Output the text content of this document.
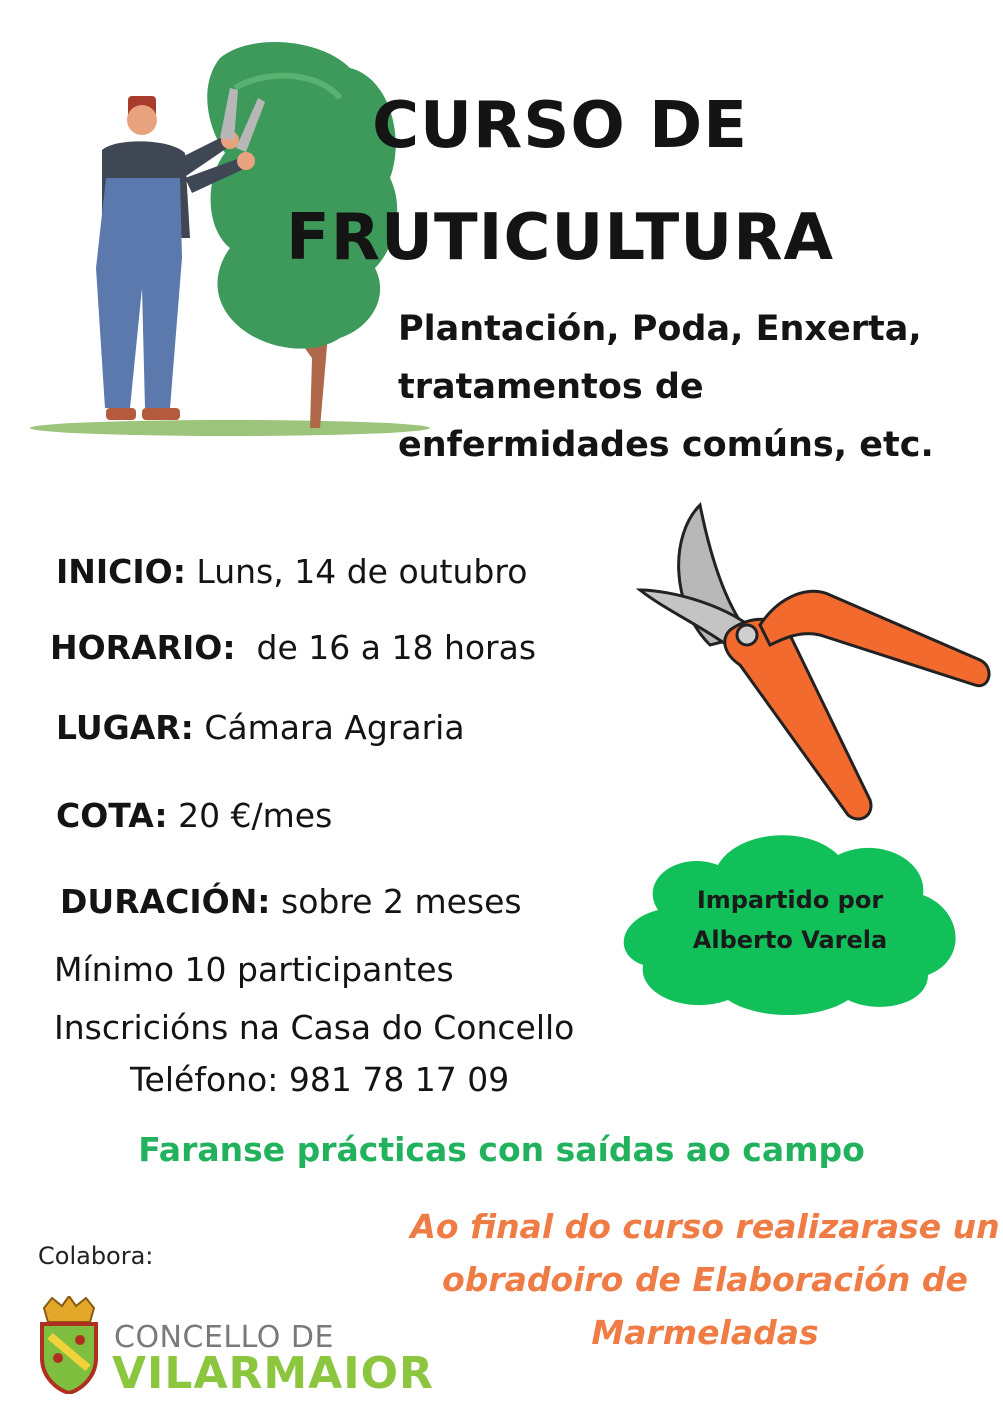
CURSO DE
FRUTICULTURA
Plantación, Poda, Enxerta,
tratamentos de
enfermidades comúns, etc.
INICIO: Luns, 14 de outubro
HORARIO:  de 16 a 18 horas
LUGAR: Cámara Agraria
COTA: 20 €/mes
DURACIÓN: sobre 2 meses
Mínimo 10 participantes
Inscricións na Casa do Concello
Teléfono: 981 78 17 09
Impartido por
Alberto Varela
Faranse prácticas con saídas ao campo
Ao final do curso realizarase un
obradoiro de Elaboración de
Marmeladas
Colabora:
CONCELLO DE
VILARMAIOR
